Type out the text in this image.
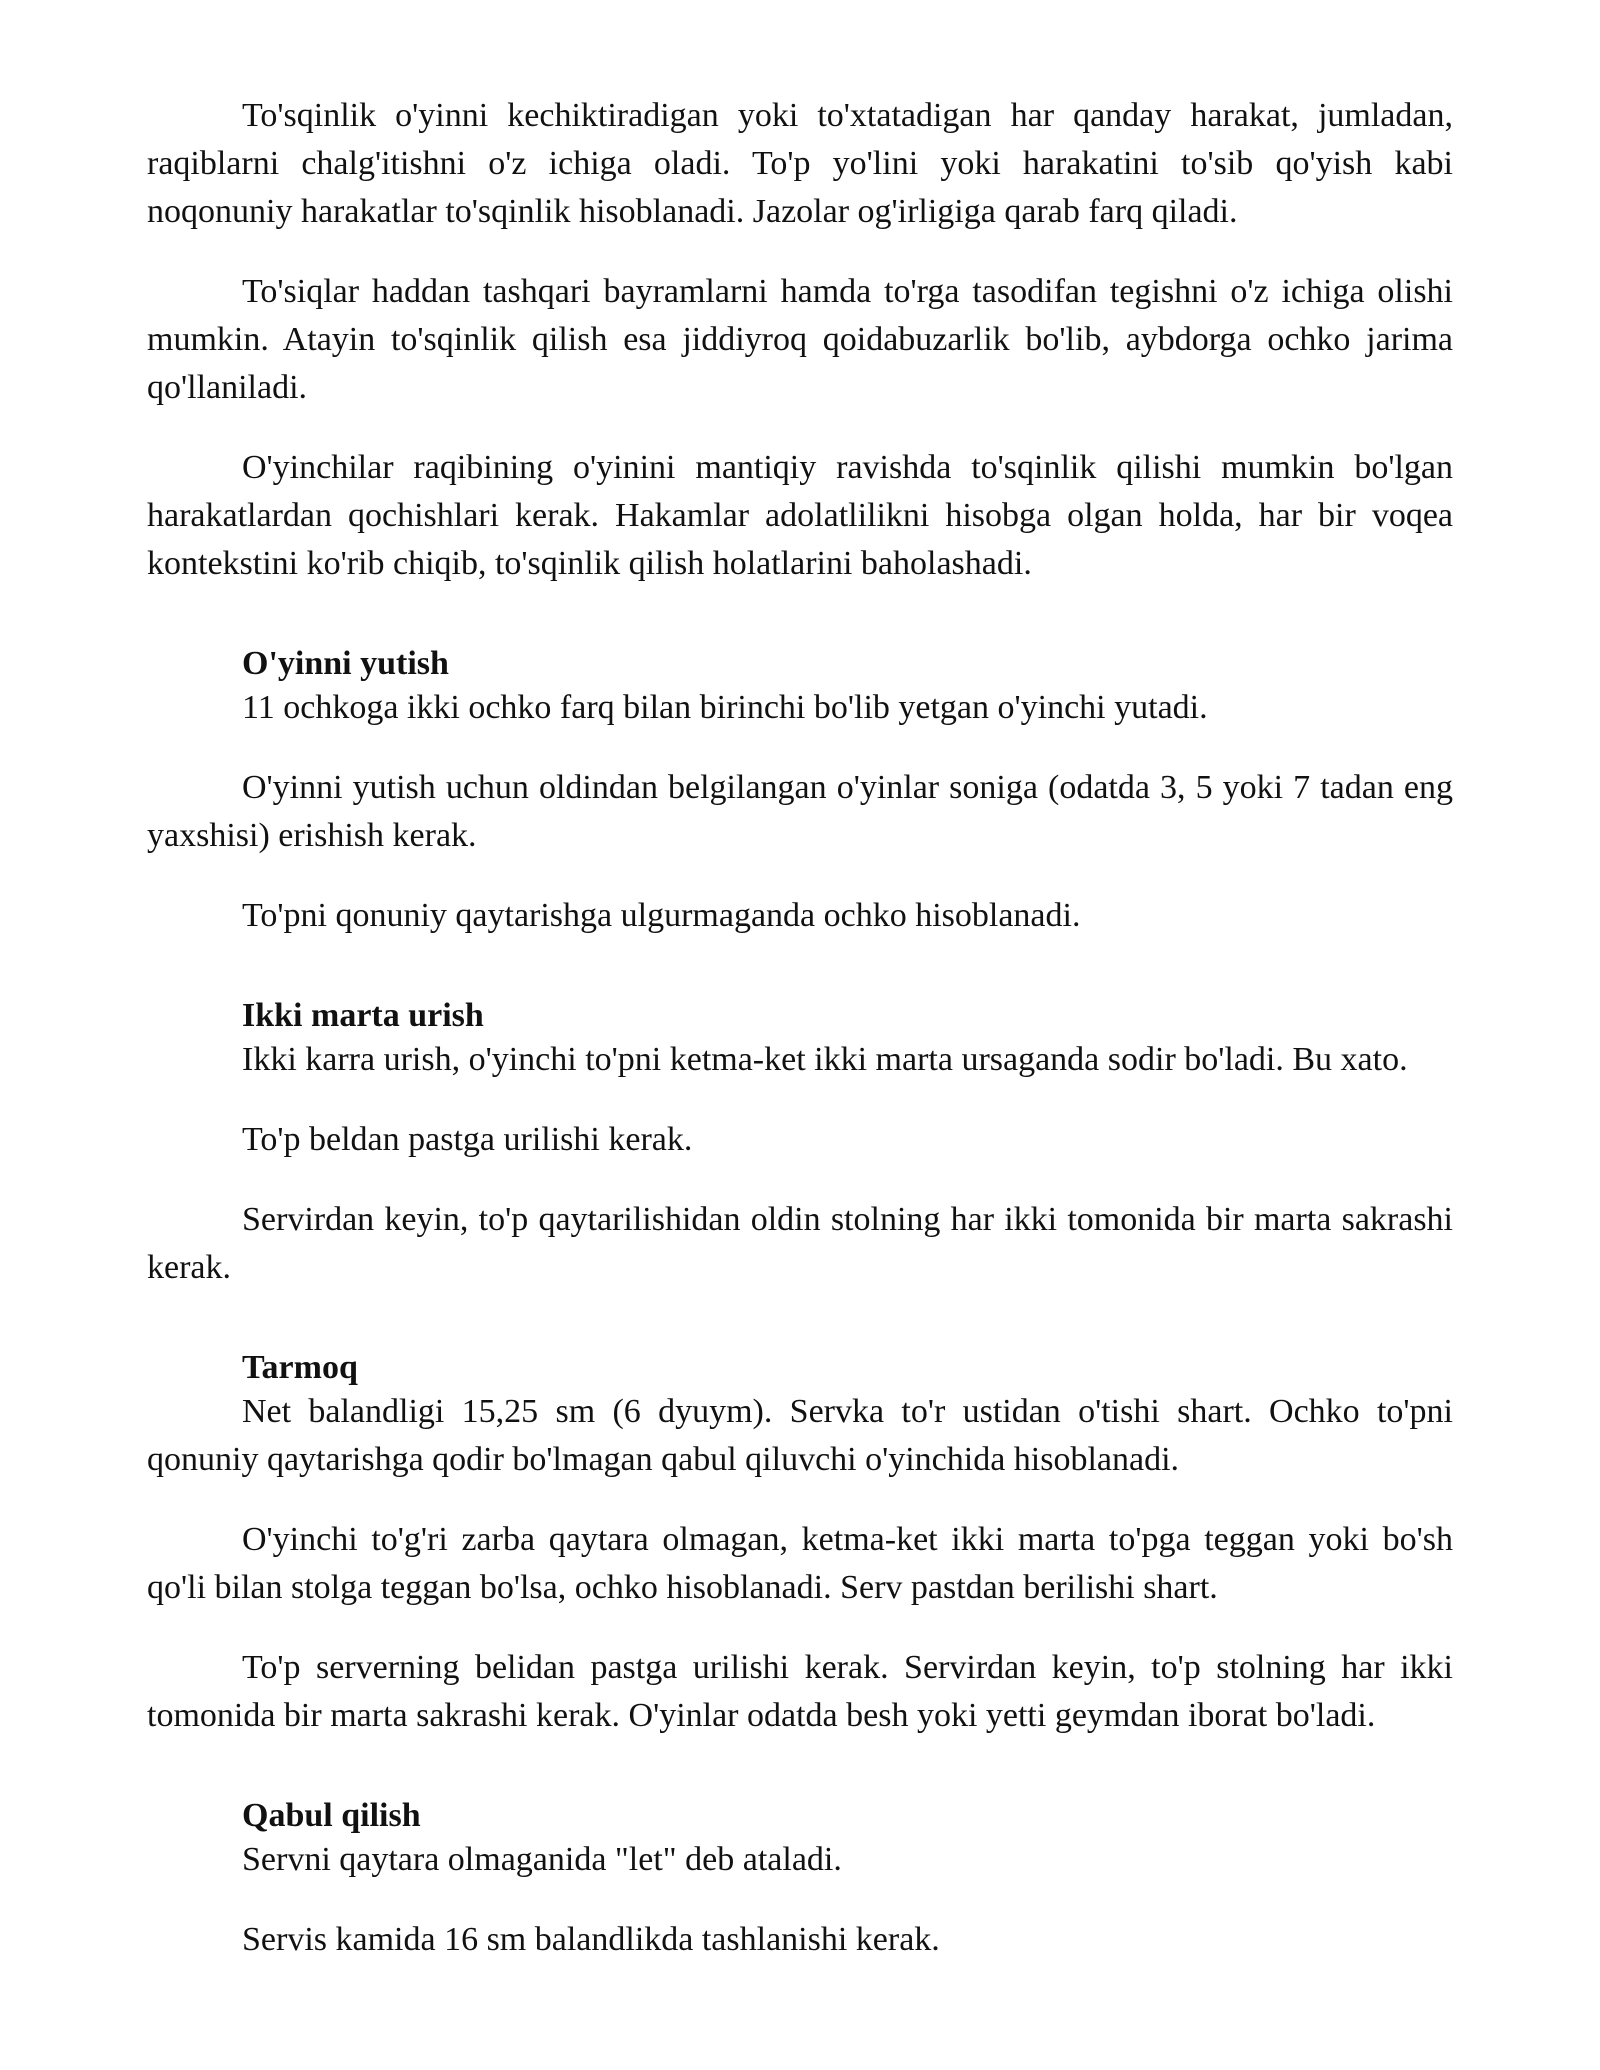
To'sqinlik o'yinni kechiktiradigan yoki to'xtatadigan har qanday harakat, jumladan, raqiblarni chalg'itishni o'z ichiga oladi. To'p yo'lini yoki harakatini to'sib qo'yish kabi noqonuniy harakatlar to'sqinlik hisoblanadi. Jazolar og'irligiga qarab farq qiladi.

To'siqlar haddan tashqari bayramlarni hamda to'rga tasodifan tegishni o'z ichiga olishi mumkin. Atayin to'sqinlik qilish esa jiddiyroq qoidabuzarlik bo'lib, aybdorga ochko jarima qo'llaniladi.

O'yinchilar raqibining o'yinini mantiqiy ravishda to'sqinlik qilishi mumkin bo'lgan harakatlardan qochishlari kerak. Hakamlar adolatlilikni hisobga olgan holda, har bir voqea kontekstini ko'rib chiqib, to'sqinlik qilish holatlarini baholashadi.

O'yinni yutish

11 ochkoga ikki ochko farq bilan birinchi bo'lib yetgan o'yinchi yutadi.

O'yinni yutish uchun oldindan belgilangan o'yinlar soniga (odatda 3, 5 yoki 7 tadan eng yaxshisi) erishish kerak.

To'pni qonuniy qaytarishga ulgurmaganda ochko hisoblanadi.

Ikki marta urish

Ikki karra urish, o'yinchi to'pni ketma-ket ikki marta ursaganda sodir bo'ladi. Bu xato.

To'p beldan pastga urilishi kerak.

Servirdan keyin, to'p qaytarilishidan oldin stolning har ikki tomonida bir marta sakrashi kerak.

Tarmoq

Net balandligi 15,25 sm (6 dyuym). Servka to'r ustidan o'tishi shart. Ochko to'pni qonuniy qaytarishga qodir bo'lmagan qabul qiluvchi o'yinchida hisoblanadi.

O'yinchi to'g'ri zarba qaytara olmagan, ketma-ket ikki marta to'pga teggan yoki bo'sh qo'li bilan stolga teggan bo'lsa, ochko hisoblanadi. Serv pastdan berilishi shart.

To'p serverning belidan pastga urilishi kerak. Servirdan keyin, to'p stolning har ikki tomonida bir marta sakrashi kerak. O'yinlar odatda besh yoki yetti geymdan iborat bo'ladi.

Qabul qilish

Servni qaytara olmaganida "let" deb ataladi.

Servis kamida 16 sm balandlikda tashlanishi kerak.
